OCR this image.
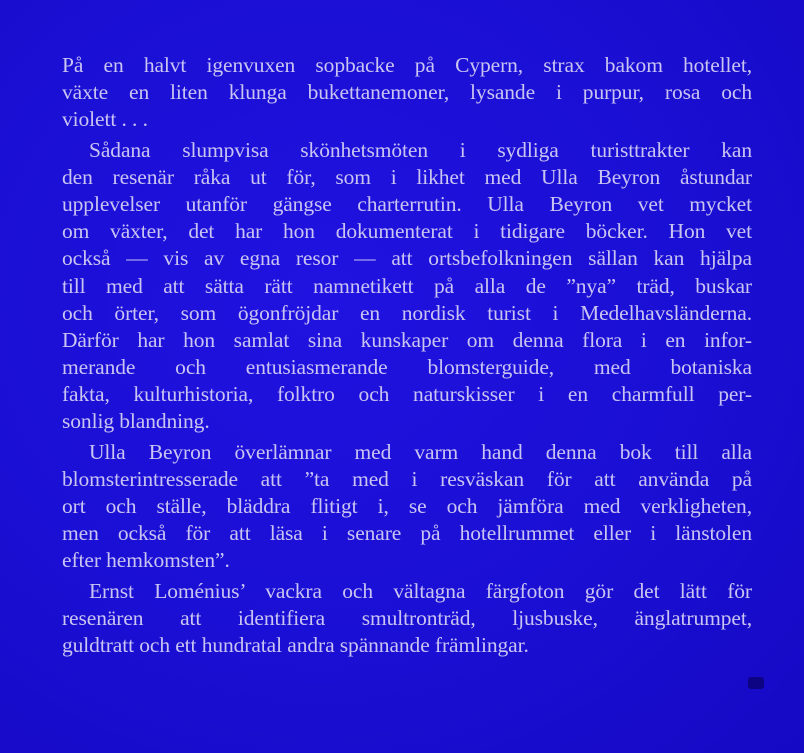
På en halvt igenvuxen sopbacke på Cypern, strax bakom hotellet,
växte en liten klunga bukettanemoner, lysande i purpur, rosa och
violett . . .
Sådana slumpvisa skönhetsmöten i sydliga turisttrakter kan
den resenär råka ut för, som i likhet med Ulla Beyron åstundar
upplevelser utanför gängse charterrutin. Ulla Beyron vet mycket
om växter, det har hon dokumenterat i tidigare böcker. Hon vet
också — vis av egna resor — att ortsbefolkningen sällan kan hjälpa
till med att sätta rätt namnetikett på alla de ”nya” träd, buskar
och örter, som ögonfröjdar en nordisk turist i Medelhavsländerna.
Därför har hon samlat sina kunskaper om denna flora i en infor-
merande och entusiasmerande blomsterguide, med botaniska
fakta, kulturhistoria, folktro och naturskisser i en charmfull per-
sonlig blandning.
Ulla Beyron överlämnar med varm hand denna bok till alla
blomsterintresserade att ”ta med i resväskan för att använda på
ort och ställe, bläddra flitigt i, se och jämföra med verkligheten,
men också för att läsa i senare på hotellrummet eller i länstolen
efter hemkomsten”.
Ernst Loménius’ vackra och vältagna färgfoton gör det lätt för
resenären att identifiera smultronträd, ljusbuske, änglatrumpet,
guldtratt och ett hundratal andra spännande främlingar.
